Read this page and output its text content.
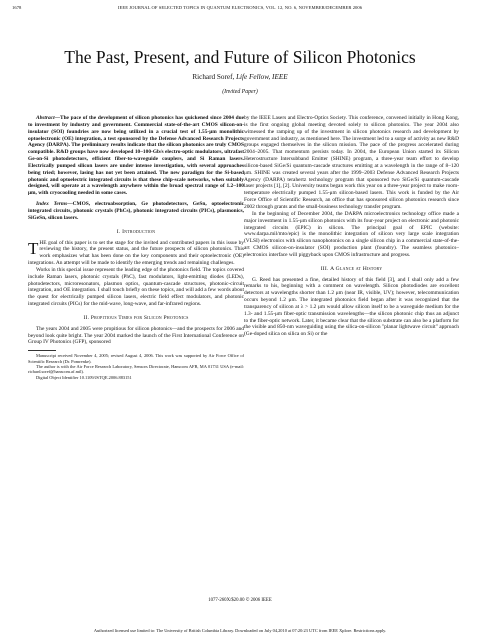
1678	IEEE JOURNAL OF SELECTED TOPICS IN QUANTUM ELECTRONICS, VOL. 12, NO. 6, NOVEMBER/DECEMBER 2006
The Past, Present, and Future of Silicon Photonics
Richard Soref, Life Fellow, IEEE
(Invited Paper)

Abstract—The pace of the development of silicon photonics has quickened since 2004 due to investment by industry and government. Commercial state-of-the-art CMOS silicon-on-insulator (SOI) foundries are now being utilized in a crucial test of 1.55-μm monolithic optoelectronic (OE) integration, a test sponsored by the Defense Advanced Research Projects Agency (DARPA). The preliminary results indicate that the silicon photonics are truly CMOS compatible. R&D groups have now developed 10–100-Gb/s electro-optic modulators, ultrafast Ge-on-Si photodetectors, efficient fiber-to-waveguide couplers, and Si Raman lasers. Electrically pumped silicon lasers are under intense investigation, with several approaches being tried; however, lasing has not yet been attained. The new paradigm for the Si-based photonic and optoelectric integrated circuits is that these chip-scale networks, when suitably designed, will operate at a wavelength anywhere within the broad spectral range of 1.2–100 μm, with cryocooling needed in some cases.

Index Terms—CMOS, electroabsorption, Ge photodetectors, GeSn, optoelectronic integrated circuits, photonic crystals (PhCs), photonic integrated circuits (PICs), plasmonics, SiGeSn, silicon lasers.

I. Introduction

THE goal of this paper is to set the stage for the invited and contributed papers in this issue by reviewing the history, the present status, and the future prospects of silicon photonics. This work emphasizes what has been done on the key components and their optoelectronic (OE) integrations. An attempt will be made to identify the emerging trends and remaining challenges.

Works in this special issue represent the leading edge of the photonics field. The topics covered include Raman lasers, photonic crystals (PhC), fast modulators, light-emitting diodes (LEDs), photodetectors, microresonators, plasmon optics, quantum-cascade structures, photonic-circuit integration, and OE integration. I shall touch briefly on these topics, and will add a few words about the quest for electrically pumped silicon lasers, electric field effect modulators, and photonic integrated circuits (PICs) for the mid-wave, long-wave, and far-infrared regions.

II. Propitious Times for Silicon Photonics

The years 2004 and 2005 were propitious for silicon photonics—and the prospects for 2006 and beyond look quite bright. The year 2004 marked the launch of the First International Conference on Group IV Photonics (GFP), sponsored

Manuscript received November 4, 2005; revised August 4, 2006. This work was supported by Air Force Office of Scientific Research (Dr. Pomrenke).

The author is with the Air Force Research Laboratory, Sensors Directorate, Hanscom AFB, MA 01731 USA (e-mail: richard.soref@hanscom.af.mil).

Digital Object Identifier 10.1109/JSTQE.2006.883151

by the IEEE Lasers and Electro-Optics Society. This conference, convened initially in Hong Kong, is the first ongoing global meeting devoted solely to silicon photonics. The year 2004 also witnessed the ramping up of the investment in silicon photonics research and development by government and industry, as mentioned here. The investment led to a surge of activity as new R&D groups engaged themselves in the silicon mission. The pace of the progress accelerated during 2004–2005. That momentum persists today. In 2004, the European Union started its Silicon Heterostructure Intersubband Emitter (SHINE) program, a three-year team effort to develop silicon-based SiGe/Si quantum-cascade structures emitting at a wavelength in the range of 8–120 μm. SHINE was created several years after the 1999–2003 Defense Advanced Research Projects Agency (DARPA) terahertz technology program that sponsored two SiGe/Si quantum-cascade laser projects [1], [2]. University teams began work this year on a three-year project to make room-temperature electrically pumped 1.55-μm silicon-based lasers. This work is funded by the Air Force Office of Scientific Research, an office that has sponsored silicon photonics research since 2002 through grants and the small-business technology transfer program.

In the beginning of December 2004, the DARPA microelectronics technology office made a major investment in 1.55-μm silicon photonics with its four-year project on electronic and photonic integrated circuits (EPIC) in silicon. The principal goal of EPIC (website: www.darpa.mil/mto/epic) is the monolithic integration of silicon very large scale integration (VLSI) electronics with silicon nanophotonics on a single silicon chip in a commercial state-of-the-art CMOS silicon-on-insulator (SOI) production plant (foundry). The seamless photonics–electronics interface will piggyback upon CMOS infrastructure and progress.

III. A Glance at History

G. Reed has presented a fine, detailed history of this field [3], and I shall only add a few remarks to his, beginning with a comment on wavelength. Silicon photodiodes are excellent detectors at wavelengths shorter than 1.2 μm (near IR, visible, UV); however, telecommunication occurs beyond 1.2 μm. The integrated photonics field began after it was recognized that the transparency of silicon at λ > 1.2 μm would allow silicon itself to be a waveguide medium for the 1.3- and 1.55-μm fiber-optic transmission wavelengths—the silicon photonic chip thus an adjunct to the fiber-optic network. Later, it became clear that the silicon substrate can also be a platform for the visible and 850-nm waveguiding using the silica-on-silicon "planar lightwave circuit" approach (Ge-doped silica on silica on Si) or the

1077-260X/$20.00 © 2006 IEEE
Authorized licensed use limited to: The University of British Columbia Library. Downloaded on July 04,2010 at 07:20:23 UTC from IEEE Xplore. Restrictions apply.
